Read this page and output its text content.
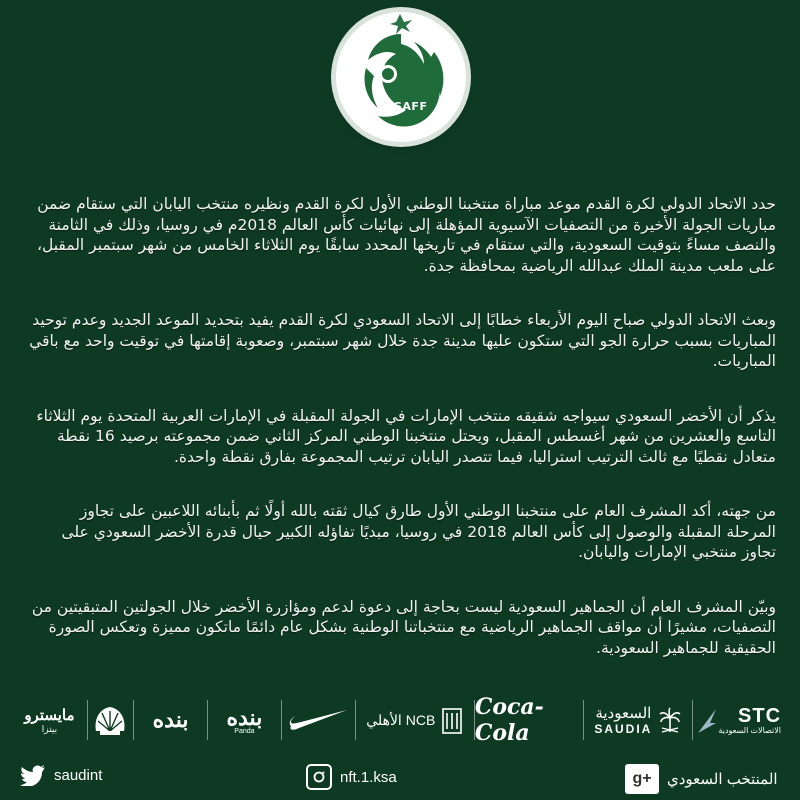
SAFF

حدد الاتحاد الدولي لكرة القدم موعد مباراة منتخبنا الوطني الأول لكرة القدم ونظيره منتخب اليابان التي ستقام ضمن مباريات الجولة الأخيرة من التصفيات الآسيوية المؤهلة إلى نهائيات كأس العالم 2018م في روسيا، وذلك في الثامنة والنصف مساءً بتوقيت السعودية، والتي ستقام في تاريخها المحدد سابقًا يوم الثلاثاء الخامس من شهر سبتمبر المقبل، على ملعب مدينة الملك عبدالله الرياضية بمحافظة جدة.

وبعث الاتحاد الدولي صباح اليوم الأربعاء خطابًا إلى الاتحاد السعودي لكرة القدم يفيد بتحديد الموعد الجديد وعدم توحيد المباريات بسبب حرارة الجو التي ستكون عليها مدينة جدة خلال شهر سبتمبر، وصعوبة إقامتها في توقيت واحد مع باقي المباريات.

يذكر أن الأخضر السعودي سيواجه شقيقه منتخب الإمارات في الجولة المقبلة في الإمارات العربية المتحدة يوم الثلاثاء التاسع والعشرين من شهر أغسطس المقبل، ويحتل منتخبنا الوطني المركز الثاني ضمن مجموعته برصيد 16 نقطة متعادل نقطيًا مع ثالث الترتيب استراليا، فيما تتصدر اليابان ترتيب المجموعة بفارق نقطة واحدة.

من جهته، أكد المشرف العام على منتخبنا الوطني الأول طارق كيال ثقته بالله أولًا ثم بأبنائه اللاعبين على تجاوز المرحلة المقبلة والوصول إلى كأس العالم 2018 في روسيا، مبديًا تفاؤله الكبير حيال قدرة الأخضر السعودي على تجاوز منتخبي الإمارات واليابان.

وبيّن المشرف العام أن الجماهير السعودية ليست بحاجة إلى دعوة لدعم ومؤازرة الأخضر خلال الجولتين المتبقيتين من التصفيات، مشيرًا أن مواقف الجماهير الرياضية مع منتخباتنا الوطنية بشكل عام دائمًا ماتكون مميزة وتعكس الصورة الحقيقية للجماهير السعودية.

STC
الاتصالات السعودية
السعودية
SAUDIA
Coca-Cola
الأهلي NCB
بنده
Panda
بنده
مايسترو
بيتزا
saudint	nft.1.ksa	g+	المنتخب السعودي
